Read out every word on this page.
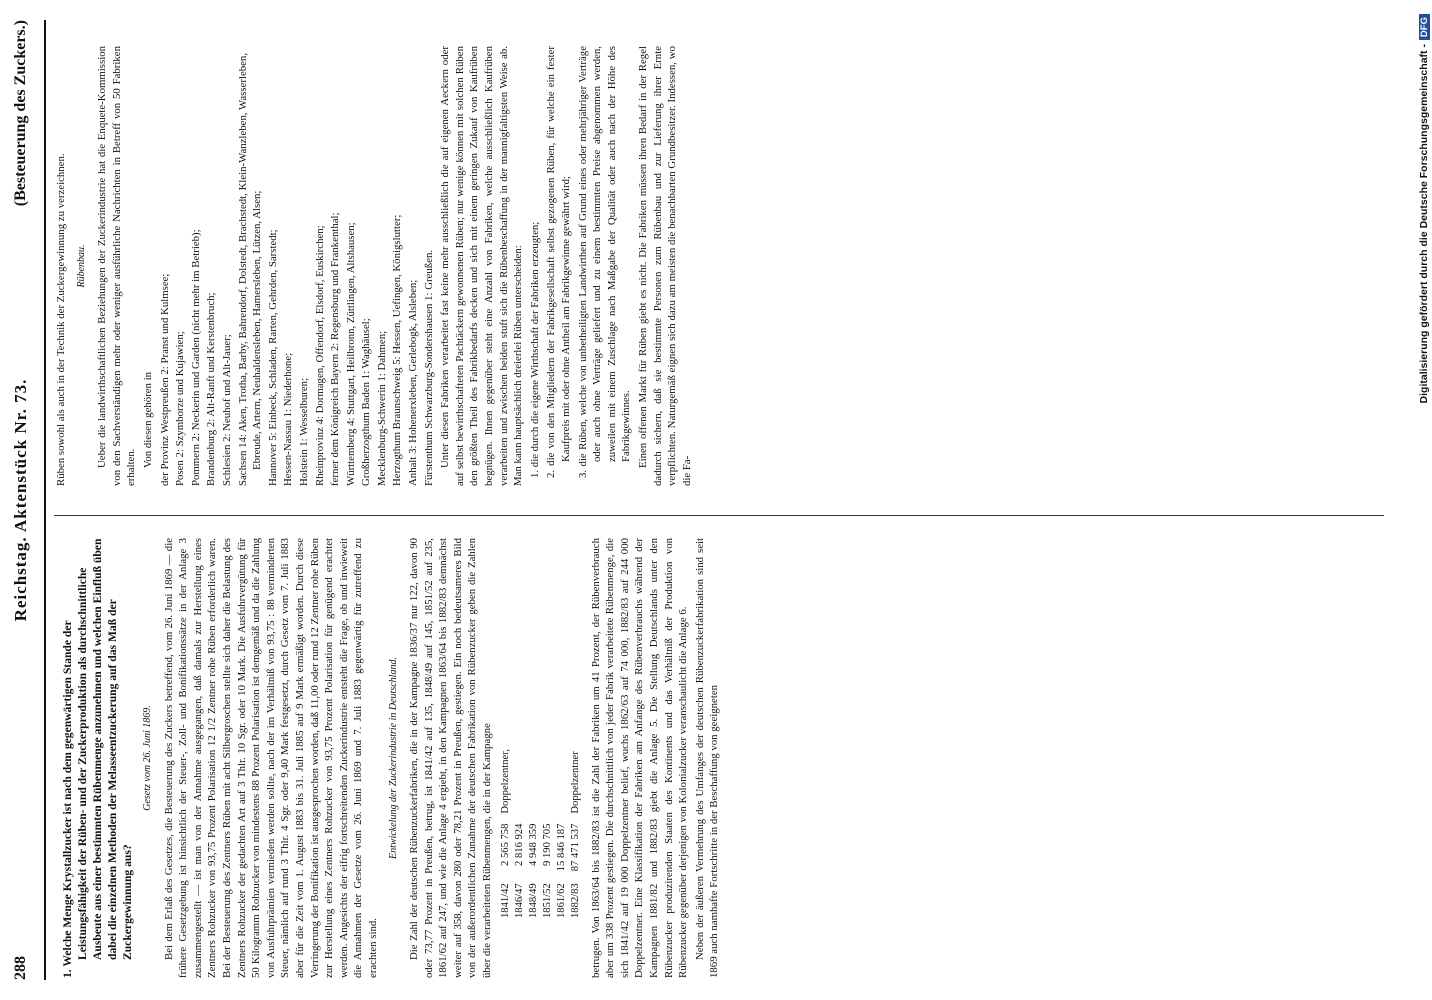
288
Reichstag. Aktenstück Nr. 73.
(Besteuerung des Zuckers.)
1. Welche Menge Krystallzucker ist nach dem gegenwärtigen Stande der Leistungsfähigkeit der Rüben- und der Zuckerproduktion als durchschnittliche Ausbeute aus einer bestimmten Rübenmenge anzunehmen und welchen Einfluß üben dabei die einzelnen Methoden der Melasseentzuckerung auf das Maß der Zuckergewinnung aus?
Gesetz vom 26. Juni 1869. Bei dem Erlaß des Gesetzes, die Besteuerung des Zuckers betreffend, vom 26. Juni 1869 — die frühere Gesetzgebung ist hinsichtlich der Steuer-, Zoll- und Bonifikationssätze in der Anlage 3 zusammengestellt — ist man von der Annahme ausgegangen, daß damals zur Herstellung eines Zentners Rohzucker von 93,75 Prozent Polarisation 12 1/2 Zentner rohe Rüben erforderlich waren. Bei der Besteuerung des Zentners Rüben mit acht Silbergroschen stellte sich daher die Belastung des Zentners Rohzucker der gedachten Art auf 3 Thlr. 10 Sgr. oder 10 Mark. Die Ausfuhrvergütung für 50 Kilogramm Rohzucker von mindestens 88 Prozent Polarisation ist demgemäß und da die Zahlung von Ausfuhrprämien vermieden werden sollte, nach der im Verhältniß von 93,75 : 88 verminderten Steuer, nämlich auf rund 3 Thlr. 4 Sgr. oder 9,40 Mark festgesetzt, durch Gesetz vom 7. Juli 1883 aber für die Zeit vom 1. August 1883 bis 31. Juli 1885 auf 9 Mark ermäßigt worden. Durch diese Verringerung der Bonifikation ist ausgesprochen worden, daß 11,00 oder rund 12 Zentner rohe Rüben zur Herstellung eines Zentners Rohzucker von 93,75 Prozent Polarisation für genügend erachtet werden. Angesichts der eifrig fortschreitenden Zuckerindustrie entsteht die Frage, ob und inwieweit die Annahmen der Gesetze vom 26. Juni 1869 und 7. Juli 1883 gegenwärtig für zutreffend zu erachten sind.

Entwickelung der Zuckerindustrie in Deutschland. Die Zahl der deutschen Rübenzuckerfabriken, die in der Kampagne 1836/37 nur 122, davon 90 oder 73,77 Prozent in Preußen, betrug, ist 1841/42 auf 135, 1848/49 auf 145, 1851/52 auf 235, 1861/62 auf 247, und wie die Anlage 4 ergiebt, in den Kampagnen 1863/64 bis 1882/83 demnächst weiter auf 358, davon 280 oder 78,21 Prozent in Preußen, gestiegen. Ein noch bedeutsameres Bild von der außerordentlichen Zunahme der deutschen Fabrikation von Rübenzucker geben die Zahlen über die verarbeiteten Rübenmengen, die in der Kampagne 1841/42	2 565 758	Doppelzentner,
1846/47	2 816 924	
1848/49	4 948 359	
1851/52	9 190 705	
1861/62	15 846 187	
1882/83	87 471 537	Doppelzentner betrugen. Von 1863/64 bis 1882/83 ist die Zahl der Fabriken um 41 Prozent, der Rübenverbrauch aber um 338 Prozent gestiegen. Die durchschnittlich von jeder Fabrik verarbeitete Rübenmenge, die sich 1841/42 auf 19 000 Doppelzentner belief, wuchs 1862/63 auf 74 000, 1882/83 auf 244 000 Doppelzentner. Eine Klassifikation der Fabriken am Anfange des Rübenverbrauchs während der Kampagnen 1881/82 und 1882/83 giebt die Anlage 5. Die Stellung Deutschlands unter den Rübenzucker produzirenden Staaten des Kontinents und das Verhältniß der Produktion von Rübenzucker gegenüber derjenigen von Kolonialzucker veranschaulicht die Anlage 6. Neben der äußeren Vermehrung des Umfanges der deutschen Rübenzuckerfabrikation sind seit 1869 auch namhafte Fortschritte in der Beschaffung von geeigneten

Rüben sowohl als auch in der Technik der Zuckergewinnung zu verzeichnen. Rübenbau. Ueber die landwirthschaftlichen Beziehungen der Zuckerindustrie hat die Enquete-Kommission von den Sachverständigen mehr oder weniger ausführliche Nachrichten in Betreff von 50 Fabriken erhalten. Von diesen gehören in der Provinz Westpreußen 2: Pranst und Kulmsee; Posen 2: Szymborze und Kujawien; Pommern 2: Neckerin und Garden (nicht mehr im Betrieb); Brandenburg 2: Alt-Ranft und Kerstenbruch; Schlesien 2: Neuhof und Alt-Jauer; Sachsen 14: Aken, Trotha, Barby, Bahrendorf, Dolstedt, Brachstedt, Klein-Wanzleben, Wasserleben, Ebreude, Artern, Neuhaldensleben, Hamersleben, Lützen, Alsen; Hannover 5: Einbeck, Schladen, Rarten, Gehrden, Sarstedt; Hessen-Nassau 1: Niederhone; Holstein 1: Wesselburen; Rheinprovinz 4: Dormagen, Offendorf, Elsdorf, Euskirchen; ferner dem Königreich Bayern 2: Regensburg und Frankenthal; Württemberg 4: Stuttgart, Heilbronn, Züttlingen, Altshausen; Großherzogthum Baden 1: Waghäusel; Mecklenburg-Schwerin 1: Dahmen; Herzogthum Braunschweig 5: Hessen, Uefingen, Königslutter; Anhalt 3: Hohenerxleben, Gerlebogk, Alsleben; Fürstenthum Schwarzburg-Sondershausen 1: Greußen. Unter diesen Fabriken verarbeitet fast keine mehr ausschließlich die auf eigenen Aeckern oder auf selbst bewirthschafteten Pachtäckern gewonnenen Rüben; nur wenige können mit solchen Rüben den größten Theil des Fabrikbedarfs decken und sich mit einem geringen Zukauf von Kaufrüben begnügen. Ihnen gegenüber steht eine Anzahl von Fabriken, welche ausschließlich Kaufrüben verarbeiten und zwischen beiden stuft sich die Rübenbeschaffung in der mannigfaltigsten Weise ab. Man kann hauptsächlich dreierlei Rüben unterscheiden: 1. die durch die eigene Wirthschaft der Fabriken erzeugten; 2. die von den Mitgliedern der Fabrikgesellschaft selbst gezogenen Rüben, für welche ein fester Kaufpreis mit oder ohne Antheil am Fabrikgewinne gewährt wird; 3. die Rüben, welche von unbetheiligten Landwirthen auf Grund eines oder mehrjähriger Verträge oder auch ohne Verträge geliefert und zu einem bestimmten Preise abgenommen werden, zuweilen mit einem Zuschlage nach Maßgabe der Qualität oder auch nach der Höhe des Fabrikgewinnes. Einen offenen Markt für Rüben giebt es nicht. Die Fabriken müssen ihren Bedarf in der Regel dadurch sichern, daß sie bestimmte Personen zum Rübenbau und zur Lieferung ihrer Ernte verpflichten. Naturgemäß eignen sich dazu am meisten die benachbarten Grundbesitzer. Indessen, wo die Fa-

Digitalisierung gefördert durch die Deutsche Forschungsgemeinschaft -DFG
